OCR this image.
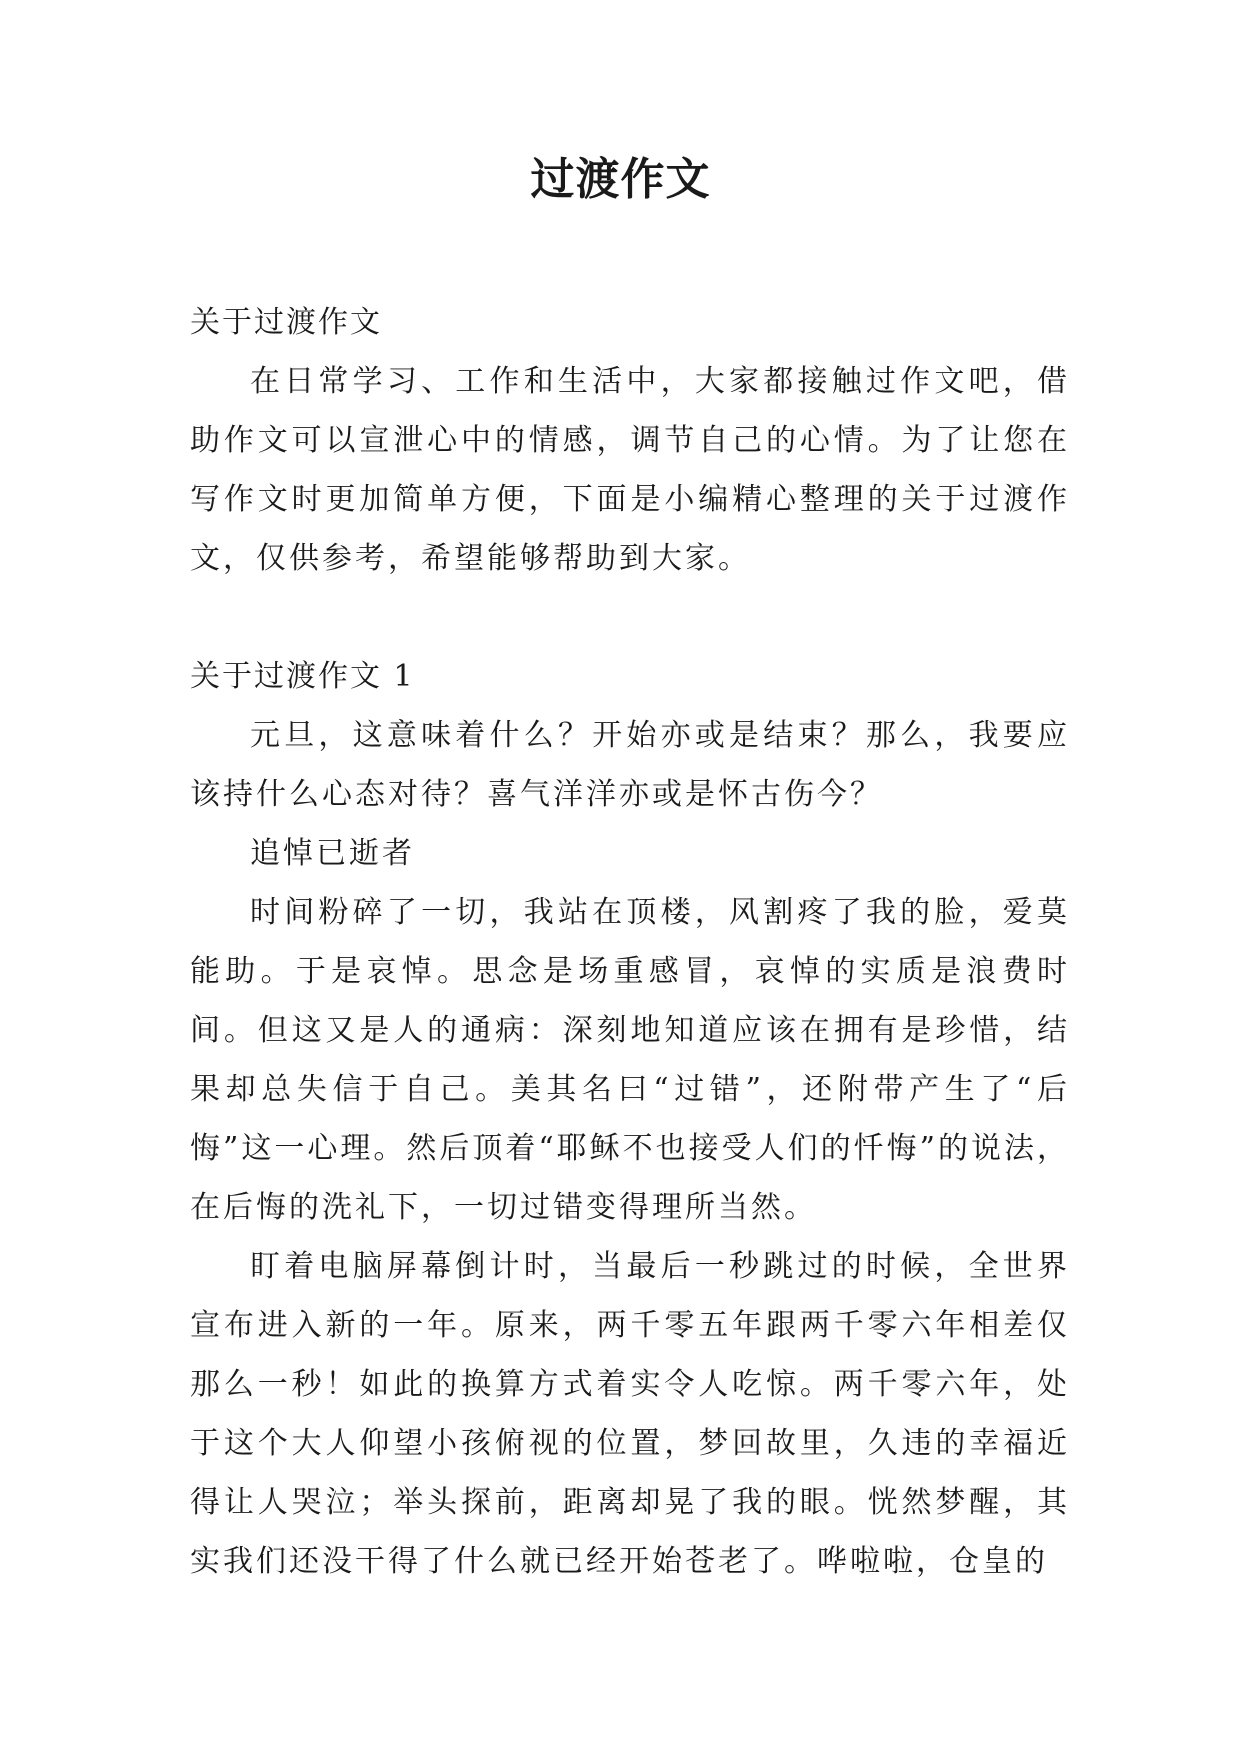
过渡作文

关于过渡作文

在日常学习、工作和生活中，大家都接触过作文吧，借助作文可以宣泄心中的情感，调节自己的心情。为了让您在写作文时更加简单方便，下面是小编精心整理的关于过渡作文，仅供参考，希望能够帮助到大家。

关于过渡作文 1

元旦，这意味着什么？开始亦或是结束？那么，我要应该持什么心态对待？喜气洋洋亦或是怀古伤今？

追悼已逝者

时间粉碎了一切，我站在顶楼，风割疼了我的脸，爱莫能助。于是哀悼。思念是场重感冒，哀悼的实质是浪费时间。但这又是人的通病：深刻地知道应该在拥有是珍惜，结果却总失信于自己。美其名曰“过错”，还附带产生了“后悔”这一心理。然后顶着“耶稣不也接受人们的忏悔”的说法，在后悔的洗礼下，一切过错变得理所当然。

盯着电脑屏幕倒计时，当最后一秒跳过的时候，全世界宣布进入新的一年。原来，两千零五年跟两千零六年相差仅那么一秒！如此的换算方式着实令人吃惊。两千零六年，处于这个大人仰望小孩俯视的位置，梦回故里，久违的幸福近得让人哭泣；举头探前，距离却晃了我的眼。恍然梦醒，其实我们还没干得了什么就已经开始苍老了。哗啦啦，仓皇的
